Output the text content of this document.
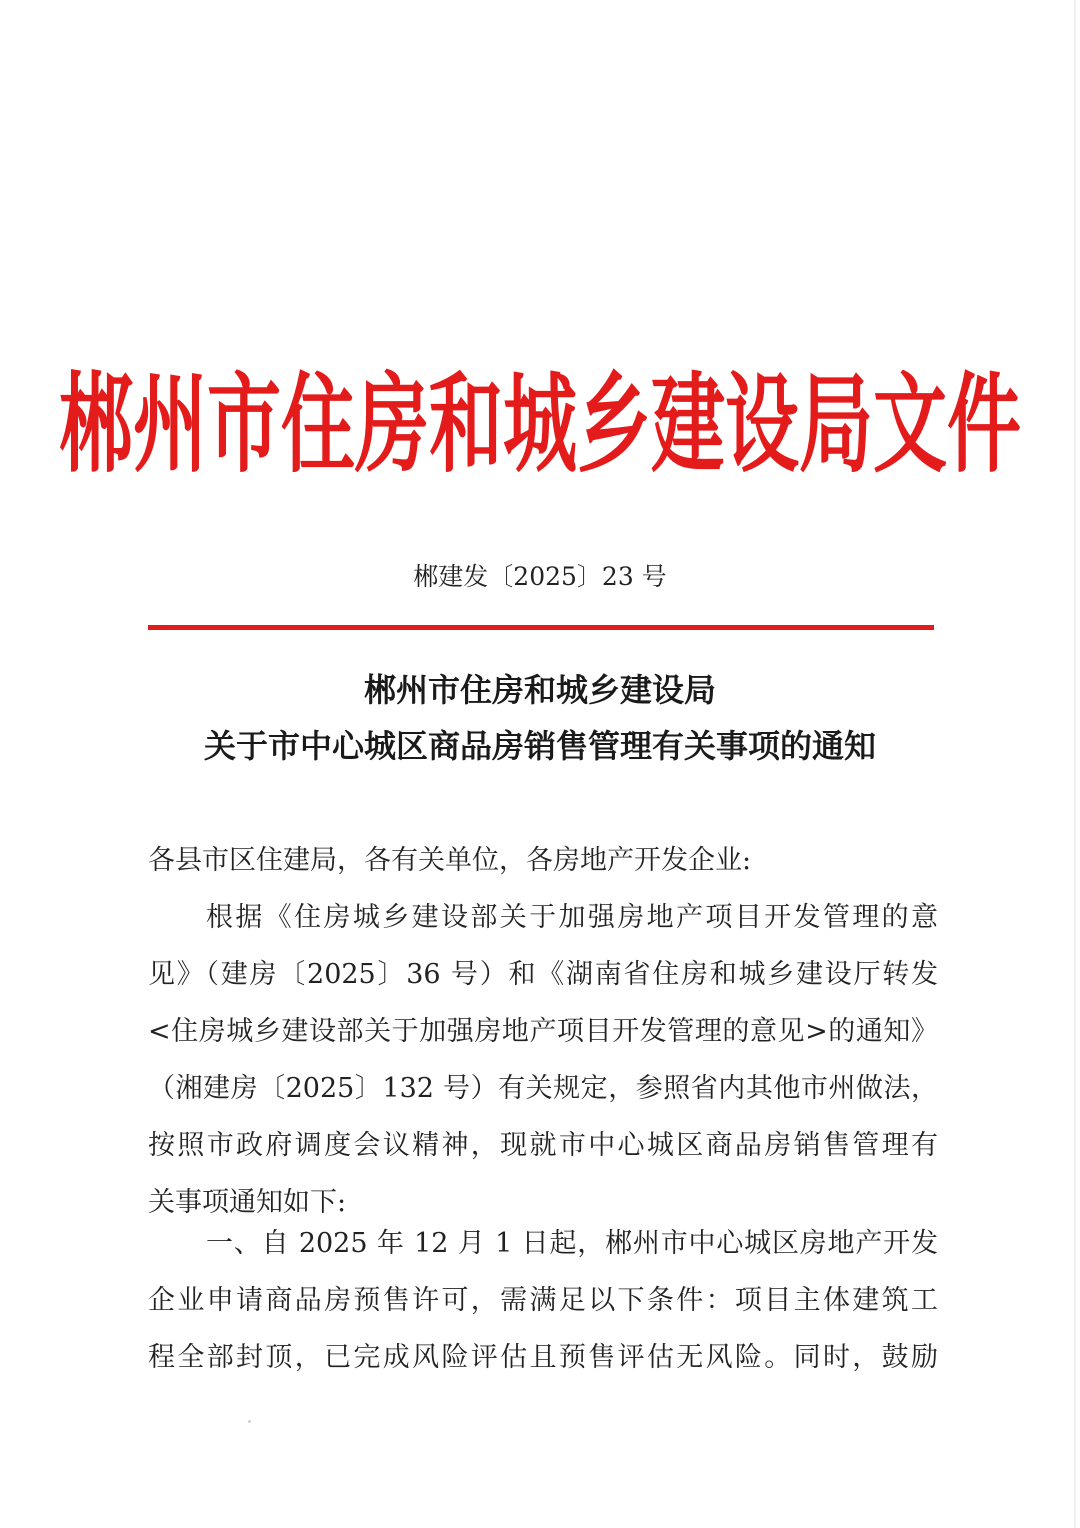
郴州市住房和城乡建设局文件
郴建发〔2025〕23 号
郴州市住房和城乡建设局
关于市中心城区商品房销售管理有关事项的通知
各县市区住建局，各有关单位，各房地产开发企业:
根据《住房城乡建设部关于加强房地产项目开发管理的意
见》（建房〔2025〕36 号）和《湖南省住房和城乡建设厅转发
<住房城乡建设部关于加强房地产项目开发管理的意见>的通知》
（湘建房〔2025〕132 号）有关规定，参照省内其他市州做法，
按照市政府调度会议精神，现就市中心城区商品房销售管理有
关事项通知如下:
一、自 2025 年 12 月 1 日起，郴州市中心城区房地产开发
企业申请商品房预售许可，需满足以下条件：项目主体建筑工
程全部封顶，已完成风险评估且预售评估无风险。同时，鼓励
